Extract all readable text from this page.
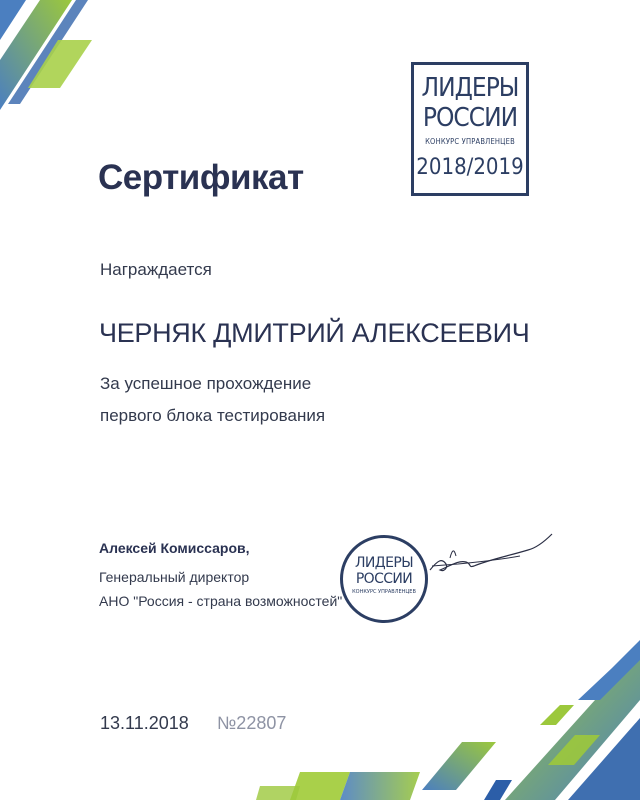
ЛИДЕРЫ
РОССИИ
КОНКУРС УПРАВЛЕНЦЕВ
2018/2019
Сертификат
Награждается
ЧЕРНЯК ДМИТРИЙ АЛЕКСЕЕВИЧ
За успешное прохождение
первого блока тестирования
Алексей Комиссаров,
Генеральный директор
АНО "Россия - страна возможностей"
ЛИДЕРЫ
РОССИИ
КОНКУРС УПРАВЛЕНЦЕВ
13.11.2018 №22807
